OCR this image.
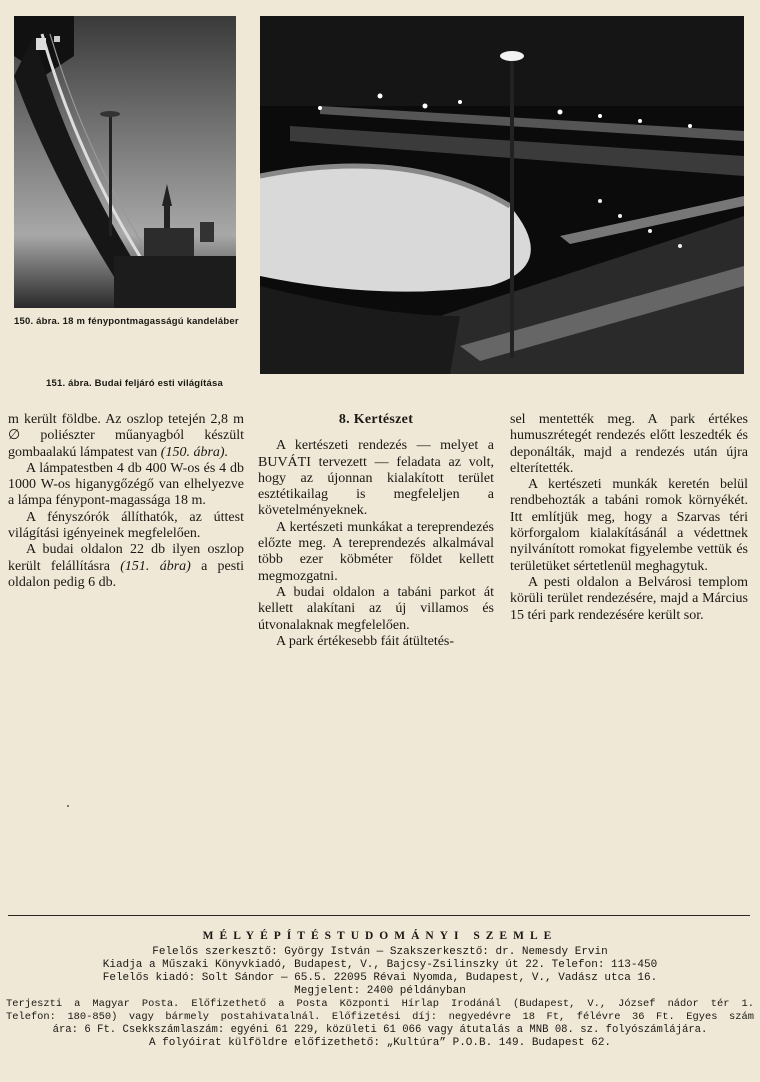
150. ábra. 18 m fénypontmagasságú kandeláber
151. ábra. Budai feljáró esti világítása

m került földbe. Az oszlop tetején 2,8 m ∅ poliészter műanyagból készült gombaalakú lámpatest van (150. ábra).

A lámpatestben 4 db 400 W-os és 4 db 1000 W-os higanygőzégő van elhelyezve a lámpa fénypont-magassága 18 m.

A fényszórók állíthatók, az úttest világítási igényeinek megfelelően.

A budai oldalon 22 db ilyen oszlop került felállításra (151. ábra) a pesti oldalon pedig 6 db.

8. Kertészet

A kertészeti rendezés — melyet a BUVÁTI tervezett — feladata az volt, hogy az újonnan kialakított terület esztétikailag is megfeleljen a követelményeknek.

A kertészeti munkákat a tereprendezés előzte meg. A tereprendezés alkalmával több ezer köbméter földet kellett megmozgatni.

A budai oldalon a tabáni parkot át kellett alakítani az új villamos és útvonalaknak megfelelően.

A park értékesebb fáit átültetés-

sel mentették meg. A park értékes humuszrétegét rendezés előtt leszedték és deponálták, majd a rendezés után újra elterítették.

A kertészeti munkák keretén belül rendbehozták a tabáni romok környékét. Itt említjük meg, hogy a Szarvas téri körforgalom kialakításánál a védettnek nyilvánított romokat figyelembe vettük és területüket sértetlenül meghagytuk.

A pesti oldalon a Belvárosi templom körüli terület rendezésére, majd a Március 15 téri park rendezésére került sor.

MÉLYÉPÍTÉSTUDOMÁNYI SZEMLE
Felelős szerkesztő: György István — Szakszerkesztő: dr. Nemesdy Ervin
Kiadja a Műszaki Könyvkiadó, Budapest, V., Bajcsy-Zsilinszky út 22. Telefon: 113-450
Felelős kiadó: Solt Sándor — 65.5. 22095 Révai Nyomda, Budapest, V., Vadász utca 16.
Megjelent: 2400 példányban
Terjeszti a Magyar Posta. Előfizethető a Posta Központi Hírlap Irodánál (Budapest, V., József nádor tér 1.
Telefon: 180-850) vagy bármely postahivatalnál. Előfizetési díj: negyedévre 18 Ft, félévre 36 Ft. Egyes szám
ára: 6 Ft. Csekkszámlaszám: egyéni 61 229, közületi 61 066 vagy átutalás a MNB 08. sz. folyószámlájára.
A folyóirat külföldre előfizethető: „Kultúra” P.O.B. 149. Budapest 62.
